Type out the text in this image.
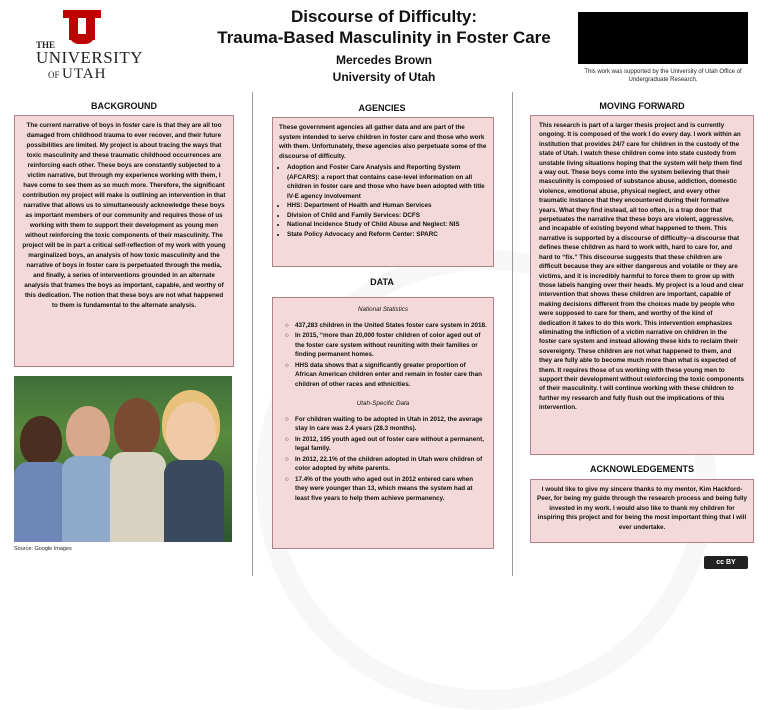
THE
UNIVERSITY
OF UTAH
Discourse of Difficulty:
Trauma-Based Masculinity in Foster Care
Mercedes Brown
University of Utah	This work was supported by the University of Utah Office of Undergraduate Research.
BACKGROUND
The current narrative of boys in foster care is that they are all too damaged from childhood trauma to ever recover, and their future possibilities are limited. My project is about tracing the ways that toxic masculinity and these traumatic childhood occurrences are reinforcing each other. These boys are constantly subjected to a victim narrative, but through my experience working with them, I have come to see them as so much more. Therefore, the significant contribution my project will make is outlining an intervention in that narrative that allows us to simultaneously acknowledge these boys as important members of our community and requires those of us working with them to support their development as young men without reinforcing the toxic components of their masculinity. The project will be in part a critical self-reflection of my work with young marginalized boys, an analysis of how toxic masculinity and the narrative of boys in foster care is perpetuated through the media, and finally, a series of interventions grounded in an alternate analysis that frames the boys as important, capable, and worthy of this dedication. The notion that these boys are not what happened to them is fundamental to the alternate analysis.
Source: Google Images
AGENCIES
These government agencies all gather data and are part of the system intended to serve children in foster care and those who work with them. Unfortunately, these agencies also perpetuate some of the discourse of difficulty.
• Adoption and Foster Care Analysis and Reporting System (AFCARS): a report that contains case-level information on all children in foster care and those who have been adopted with title IV-E agency involvement
• HHS: Department of Health and Human Services
• Division of Child and Family Services: DCFS
• National Incidence Study of Child Abuse and Neglect: NIS
• State Policy Advocacy and Reform Center: SPARC
DATA
National Statistics
○ 437,283 children in the United States foster care system in 2018.
○ In 2015, “more than 20,000 foster children of color aged out of the foster care system without reuniting with their families or finding permanent homes.
○ HHS data shows that a significantly greater proportion of African American children enter and remain in foster care than children of other races and ethnicities.
Utah-Specific Data
○ For children waiting to be adopted in Utah in 2012, the average stay in care was 2.4 years (28.3 months).
○ In 2012, 195 youth aged out of foster care without a permanent, legal family.
○ In 2012, 22.1% of the children adopted in Utah were children of color adopted by white parents.
○ 17.4% of the youth who aged out in 2012 entered care when they were younger than 13, which means the system had at least five years to help them achieve permanency.
MOVING FORWARD
This research is part of a larger thesis project and is currently ongoing. It is composed of the work I do every day. I work within an institution that provides 24/7 care for children in the custody of the state of Utah. I watch these children come into state custody from unstable living situations hoping that the system will help them find a way out. These boys come into the system believing that their masculinity is composed of substance abuse, addiction, domestic violence, emotional abuse, physical neglect, and every other traumatic instance that they encountered during their formative years. What they find instead, all too often, is a trap door that perpetuates the narrative that these boys are violent, aggressive, and incapable of existing beyond what happened to them. This narrative is supported by a discourse of difficulty--a discourse that defines these children as hard to work with, hard to care for, and hard to “fix.” This discourse suggests that these children are difficult because they are either dangerous and volatile or they are victims, and it is incredibly harmful to force them to grow up with those labels hanging over their heads. My project is a loud and clear intervention that shows these children are important, capable of making decisions different from the choices made by people who were supposed to care for them, and worthy of the kind of dedication it takes to do this work. This intervention emphasizes eliminating the infliction of a victim narrative on children in the foster care system and instead allowing these kids to reclaim their sovereignty. These children are not what happened to them, and they are fully able to become much more than what is expected of them. It requires those of us working with these young men to support their development without reinforcing the toxic components of their masculinity. I will continue working with these children to further my research and fully flush out the implications of this intervention.
ACKNOWLEDGEMENTS
I would like to give my sincere thanks to my mentor, Kim Hackford-Peer, for being my guide through the research process and being fully invested in my work. I would also like to thank my children for inspiring this project and for being the most important thing that I will ever undertake.
cc BY
